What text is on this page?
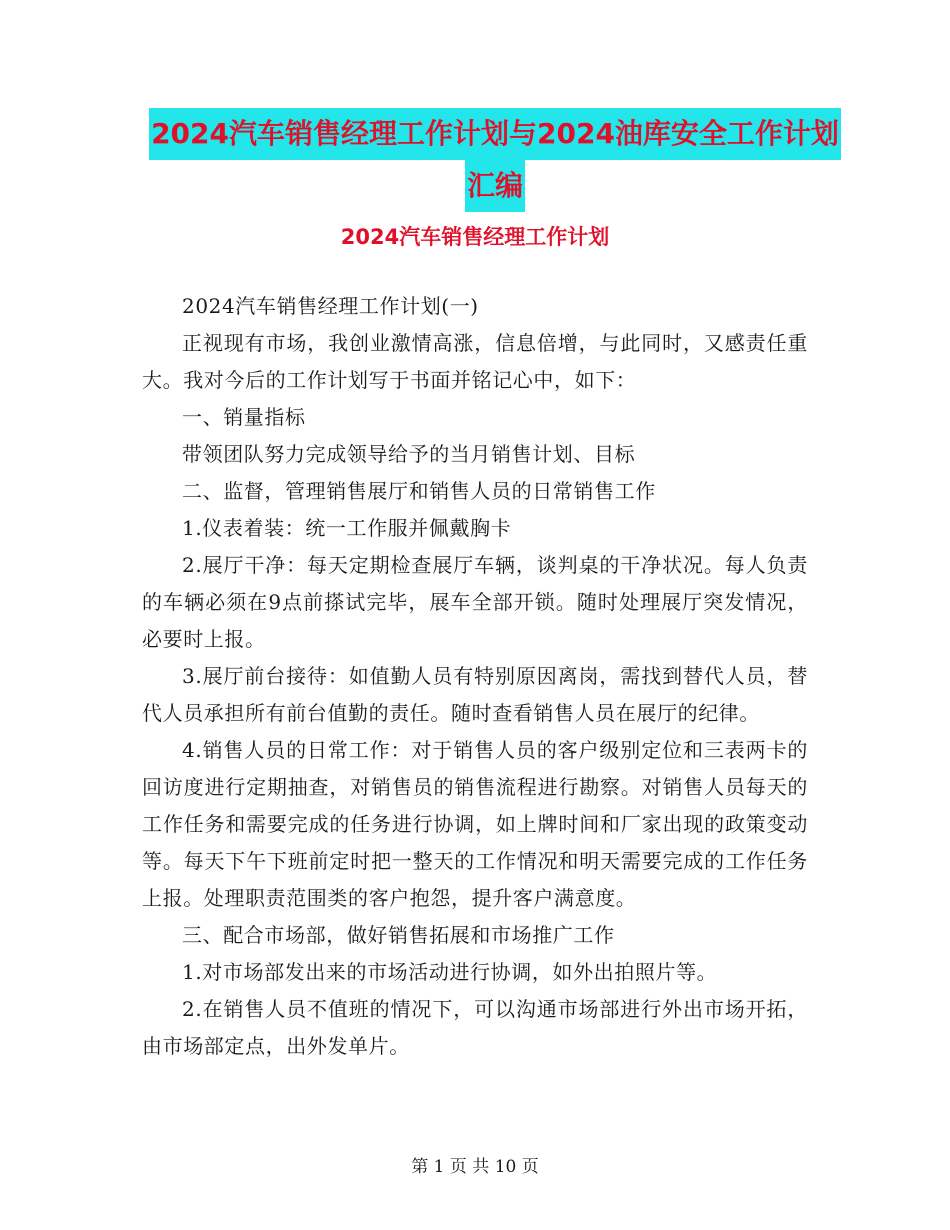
2024汽车销售经理工作计划与2024油库安全工作计划
汇编
2024汽车销售经理工作计划

2024汽车销售经理工作计划(一)

正视现有市场，我创业激情高涨，信息倍增，与此同时，又感责任重大。我对今后的工作计划写于书面并铭记心中，如下：

一、销量指标

带领团队努力完成领导给予的当月销售计划、目标

二、监督，管理销售展厅和销售人员的日常销售工作

1.仪表着装：统一工作服并佩戴胸卡

2.展厅干净：每天定期检查展厅车辆，谈判桌的干净状况。每人负责的车辆必须在9点前搽试完毕，展车全部开锁。随时处理展厅突发情况，必要时上报。

3.展厅前台接待：如值勤人员有特别原因离岗，需找到替代人员，替代人员承担所有前台值勤的责任。随时查看销售人员在展厅的纪律。

4.销售人员的日常工作：对于销售人员的客户级别定位和三表两卡的回访度进行定期抽查，对销售员的销售流程进行勘察。对销售人员每天的工作任务和需要完成的任务进行协调，如上牌时间和厂家出现的政策变动等。每天下午下班前定时把一整天的工作情况和明天需要完成的工作任务上报。处理职责范围类的客户抱怨，提升客户满意度。

三、配合市场部，做好销售拓展和市场推广工作

1.对市场部发出来的市场活动进行协调，如外出拍照片等。

2.在销售人员不值班的情况下，可以沟通市场部进行外出市场开拓，由市场部定点，出外发单片。

第 1 页 共 10 页
